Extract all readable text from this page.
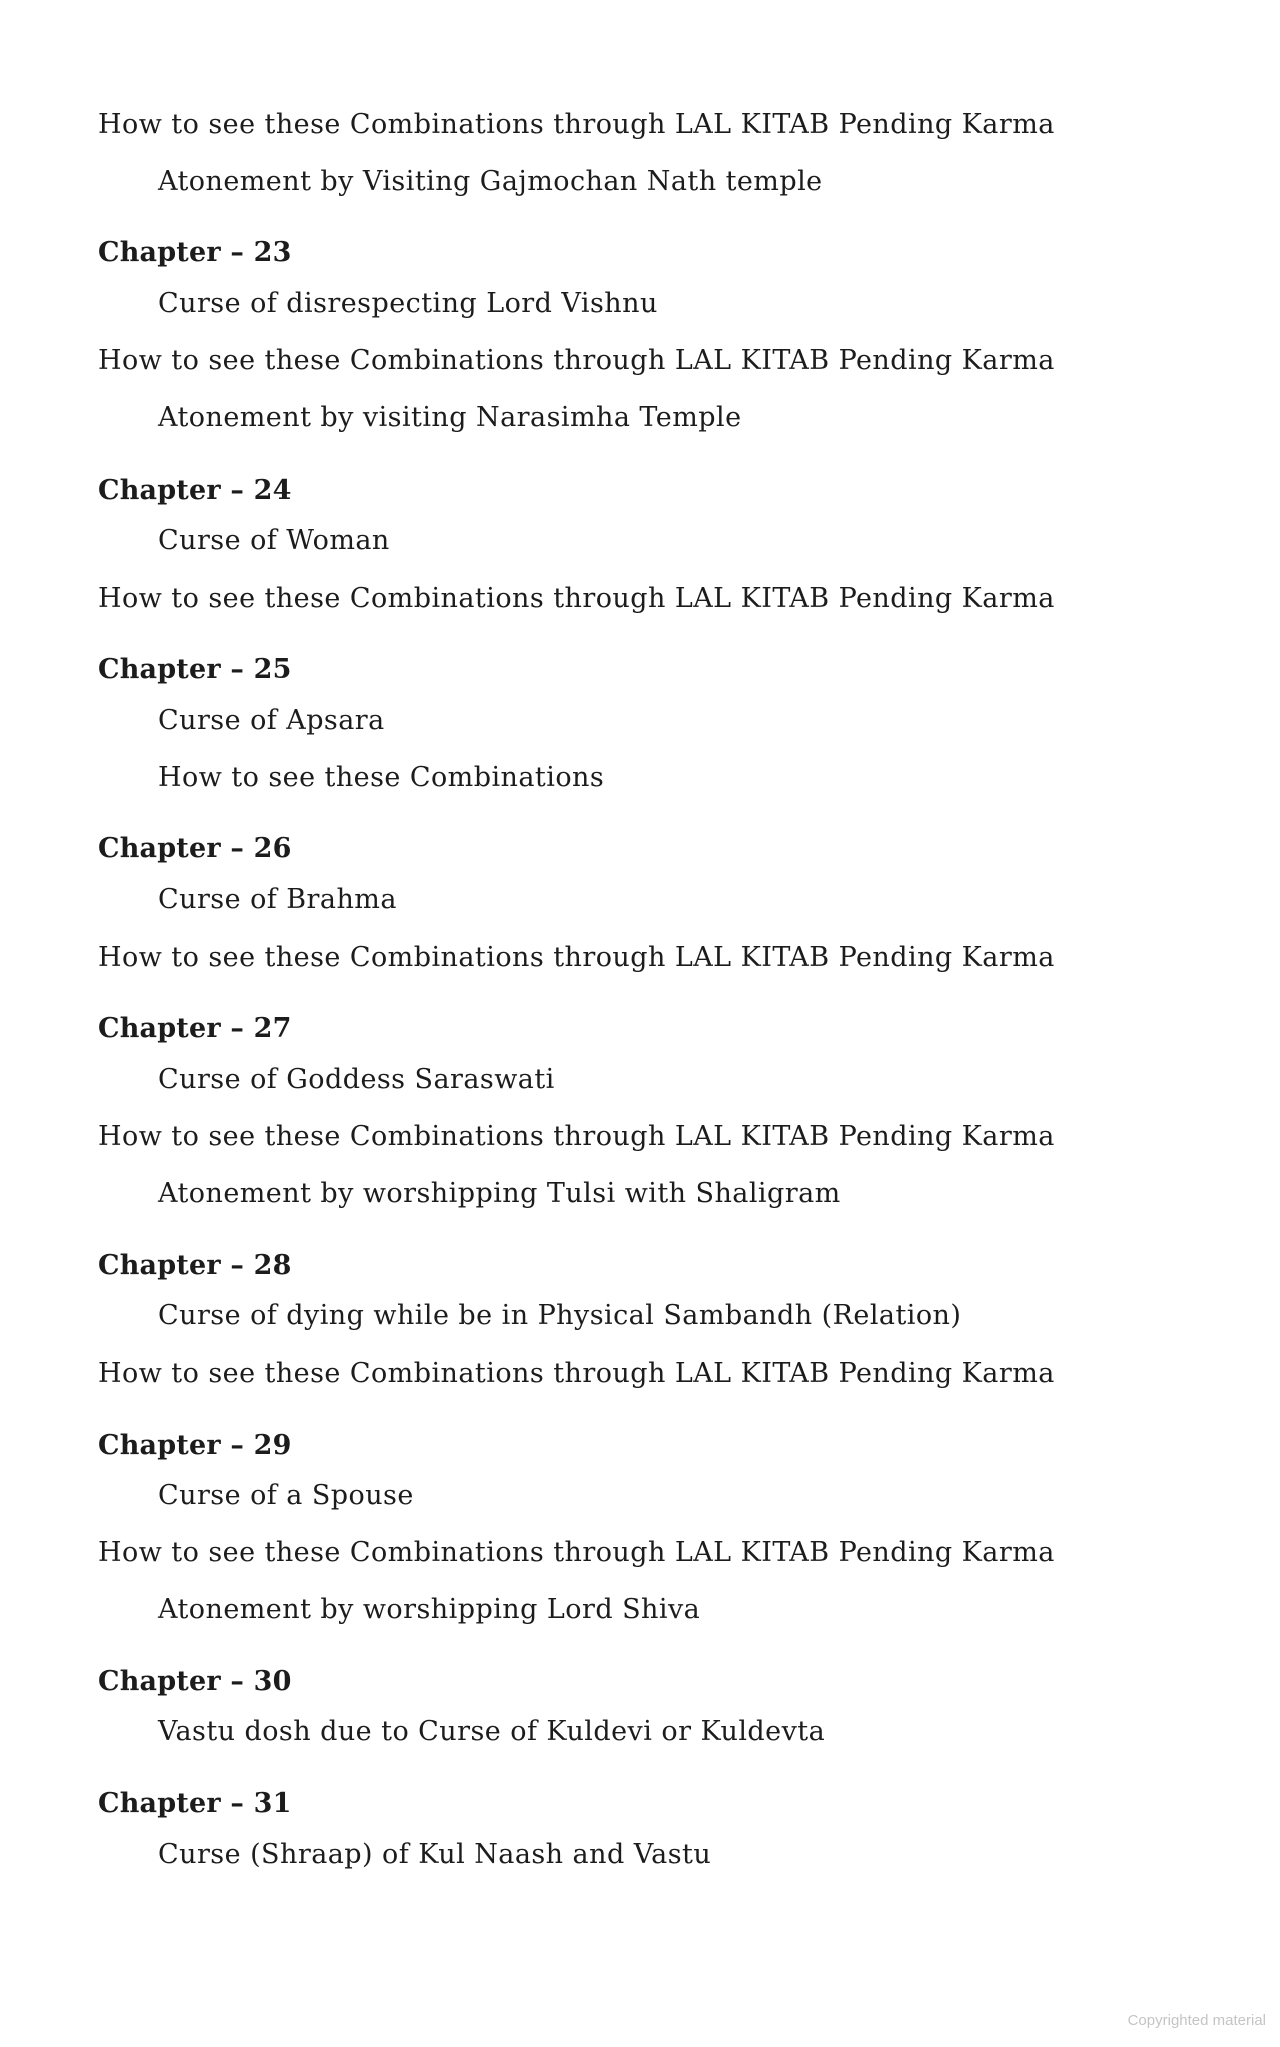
How to see these Combinations through LAL KITAB Pending Karma
Atonement by Visiting Gajmochan Nath temple
Chapter – 23
Curse of disrespecting Lord Vishnu
How to see these Combinations through LAL KITAB Pending Karma
Atonement by visiting Narasimha Temple
Chapter – 24
Curse of Woman
How to see these Combinations through LAL KITAB Pending Karma
Chapter – 25
Curse of Apsara
How to see these Combinations
Chapter – 26
Curse of Brahma
How to see these Combinations through LAL KITAB Pending Karma
Chapter – 27
Curse of Goddess Saraswati
How to see these Combinations through LAL KITAB Pending Karma
Atonement by worshipping Tulsi with Shaligram
Chapter – 28
Curse of dying while be in Physical Sambandh (Relation)
How to see these Combinations through LAL KITAB Pending Karma
Chapter – 29
Curse of a Spouse
How to see these Combinations through LAL KITAB Pending Karma
Atonement by worshipping Lord Shiva
Chapter – 30
Vastu dosh due to Curse of Kuldevi or Kuldevta
Chapter – 31
Curse (Shraap) of Kul Naash and Vastu
Copyrighted material
